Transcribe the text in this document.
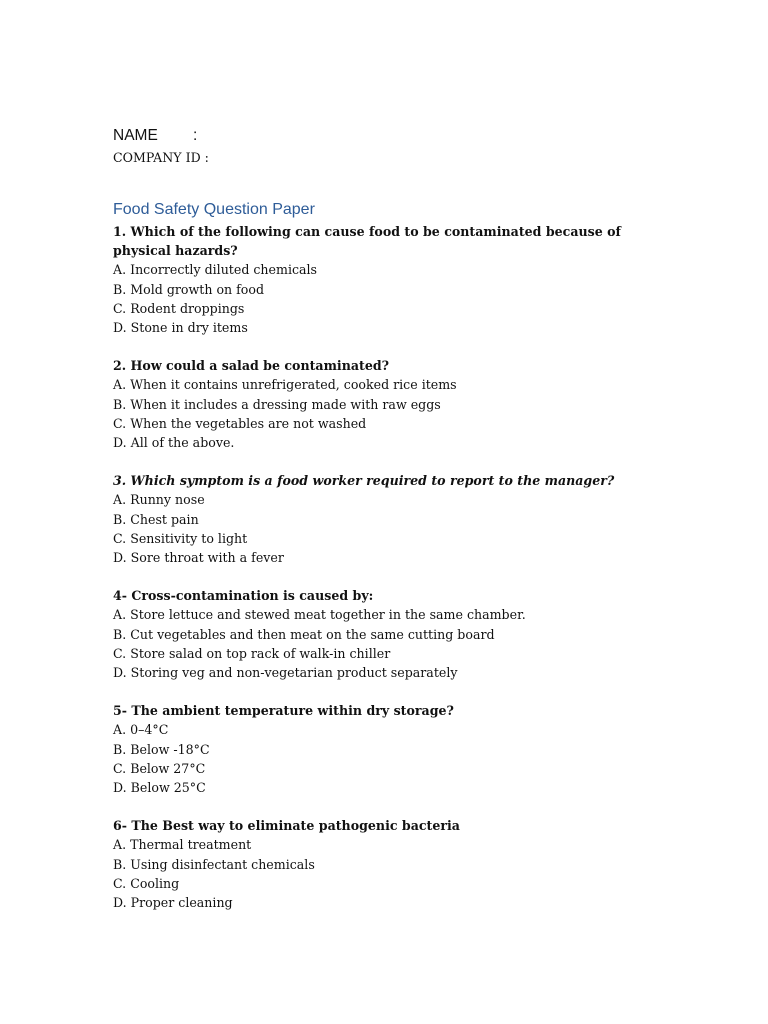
NAME	:
COMPANY ID :
Food Safety Question Paper

1. Which of the following can cause food to be contaminated because of physical hazards?

A. Incorrectly diluted chemicals

B. Mold growth on food

C. Rodent droppings

D. Stone in dry items

2. How could a salad be contaminated?

A. When it contains unrefrigerated, cooked rice items

B. When it includes a dressing made with raw eggs

C. When the vegetables are not washed

D. All of the above.

3. Which symptom is a food worker required to report to the manager?

A. Runny nose

B. Chest pain

C. Sensitivity to light

D. Sore throat with a fever

4- Cross-contamination is caused by:

A. Store lettuce and stewed meat together in the same chamber.

B. Cut vegetables and then meat on the same cutting board

C. Store salad on top rack of walk-in chiller

D. Storing veg and non-vegetarian product separately

5- The ambient temperature within dry storage?

A. 0–4°C

B. Below -18°C

C. Below 27°C

D. Below 25°C

6- The Best way to eliminate pathogenic bacteria

A. Thermal treatment

B. Using disinfectant chemicals

C. Cooling

D. Proper cleaning
